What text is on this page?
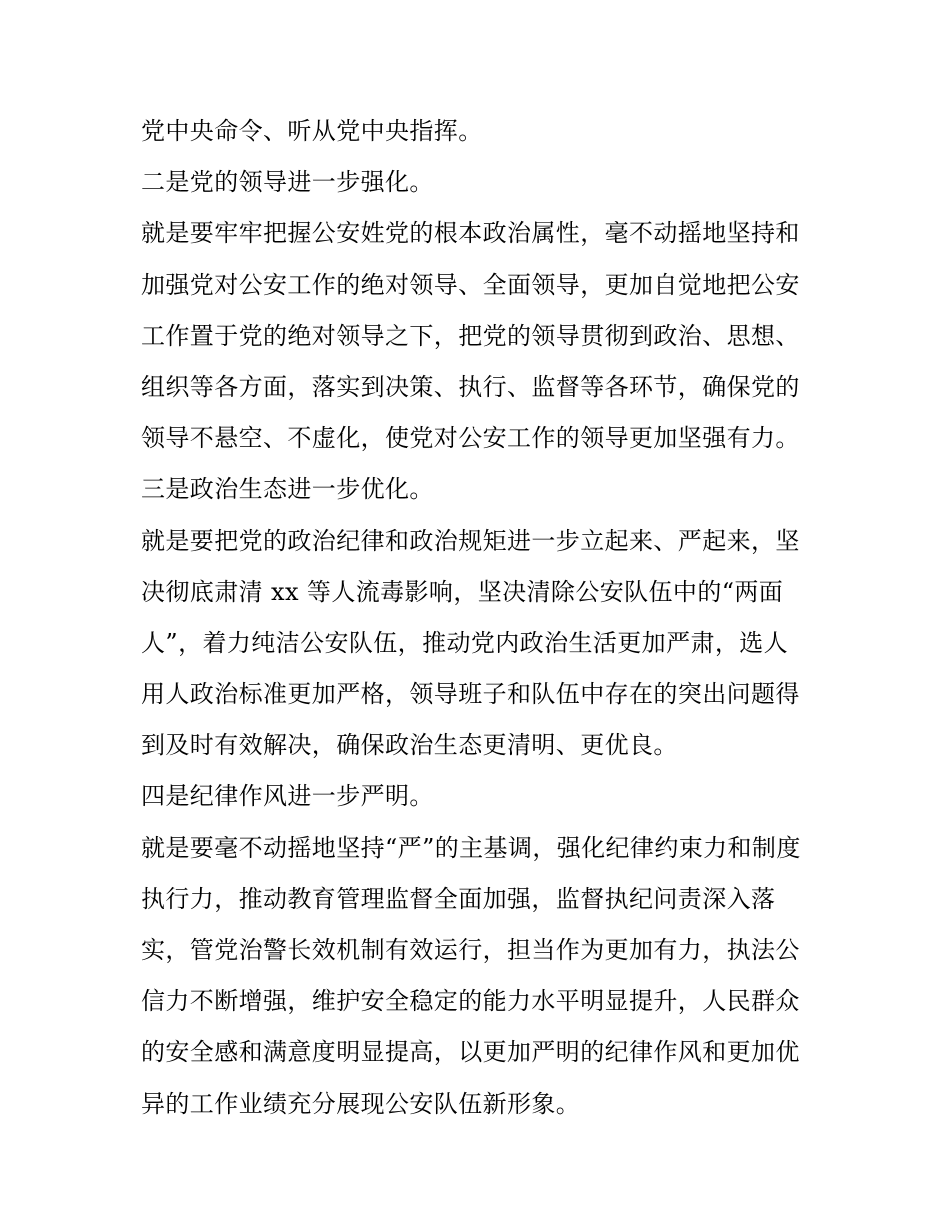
党中央命令、听从党中央指挥。
二是党的领导进一步强化。
就是要牢牢把握公安姓党的根本政治属性，毫不动摇地坚持和
加强党对公安工作的绝对领导、全面领导，更加自觉地把公安
工作置于党的绝对领导之下，把党的领导贯彻到政治、思想、
组织等各方面，落实到决策、执行、监督等各环节，确保党的
领导不悬空、不虚化，使党对公安工作的领导更加坚强有力。
三是政治生态进一步优化。
就是要把党的政治纪律和政治规矩进一步立起来、严起来，坚
决彻底肃清 xx 等人流毒影响，坚决清除公安队伍中的“两面
人”，着力纯洁公安队伍，推动党内政治生活更加严肃，选人
用人政治标准更加严格，领导班子和队伍中存在的突出问题得
到及时有效解决，确保政治生态更清明、更优良。
四是纪律作风进一步严明。
就是要毫不动摇地坚持“严”的主基调，强化纪律约束力和制度
执行力，推动教育管理监督全面加强，监督执纪问责深入落
实，管党治警长效机制有效运行，担当作为更加有力，执法公
信力不断增强，维护安全稳定的能力水平明显提升，人民群众
的安全感和满意度明显提高，以更加严明的纪律作风和更加优
异的工作业绩充分展现公安队伍新形象。
